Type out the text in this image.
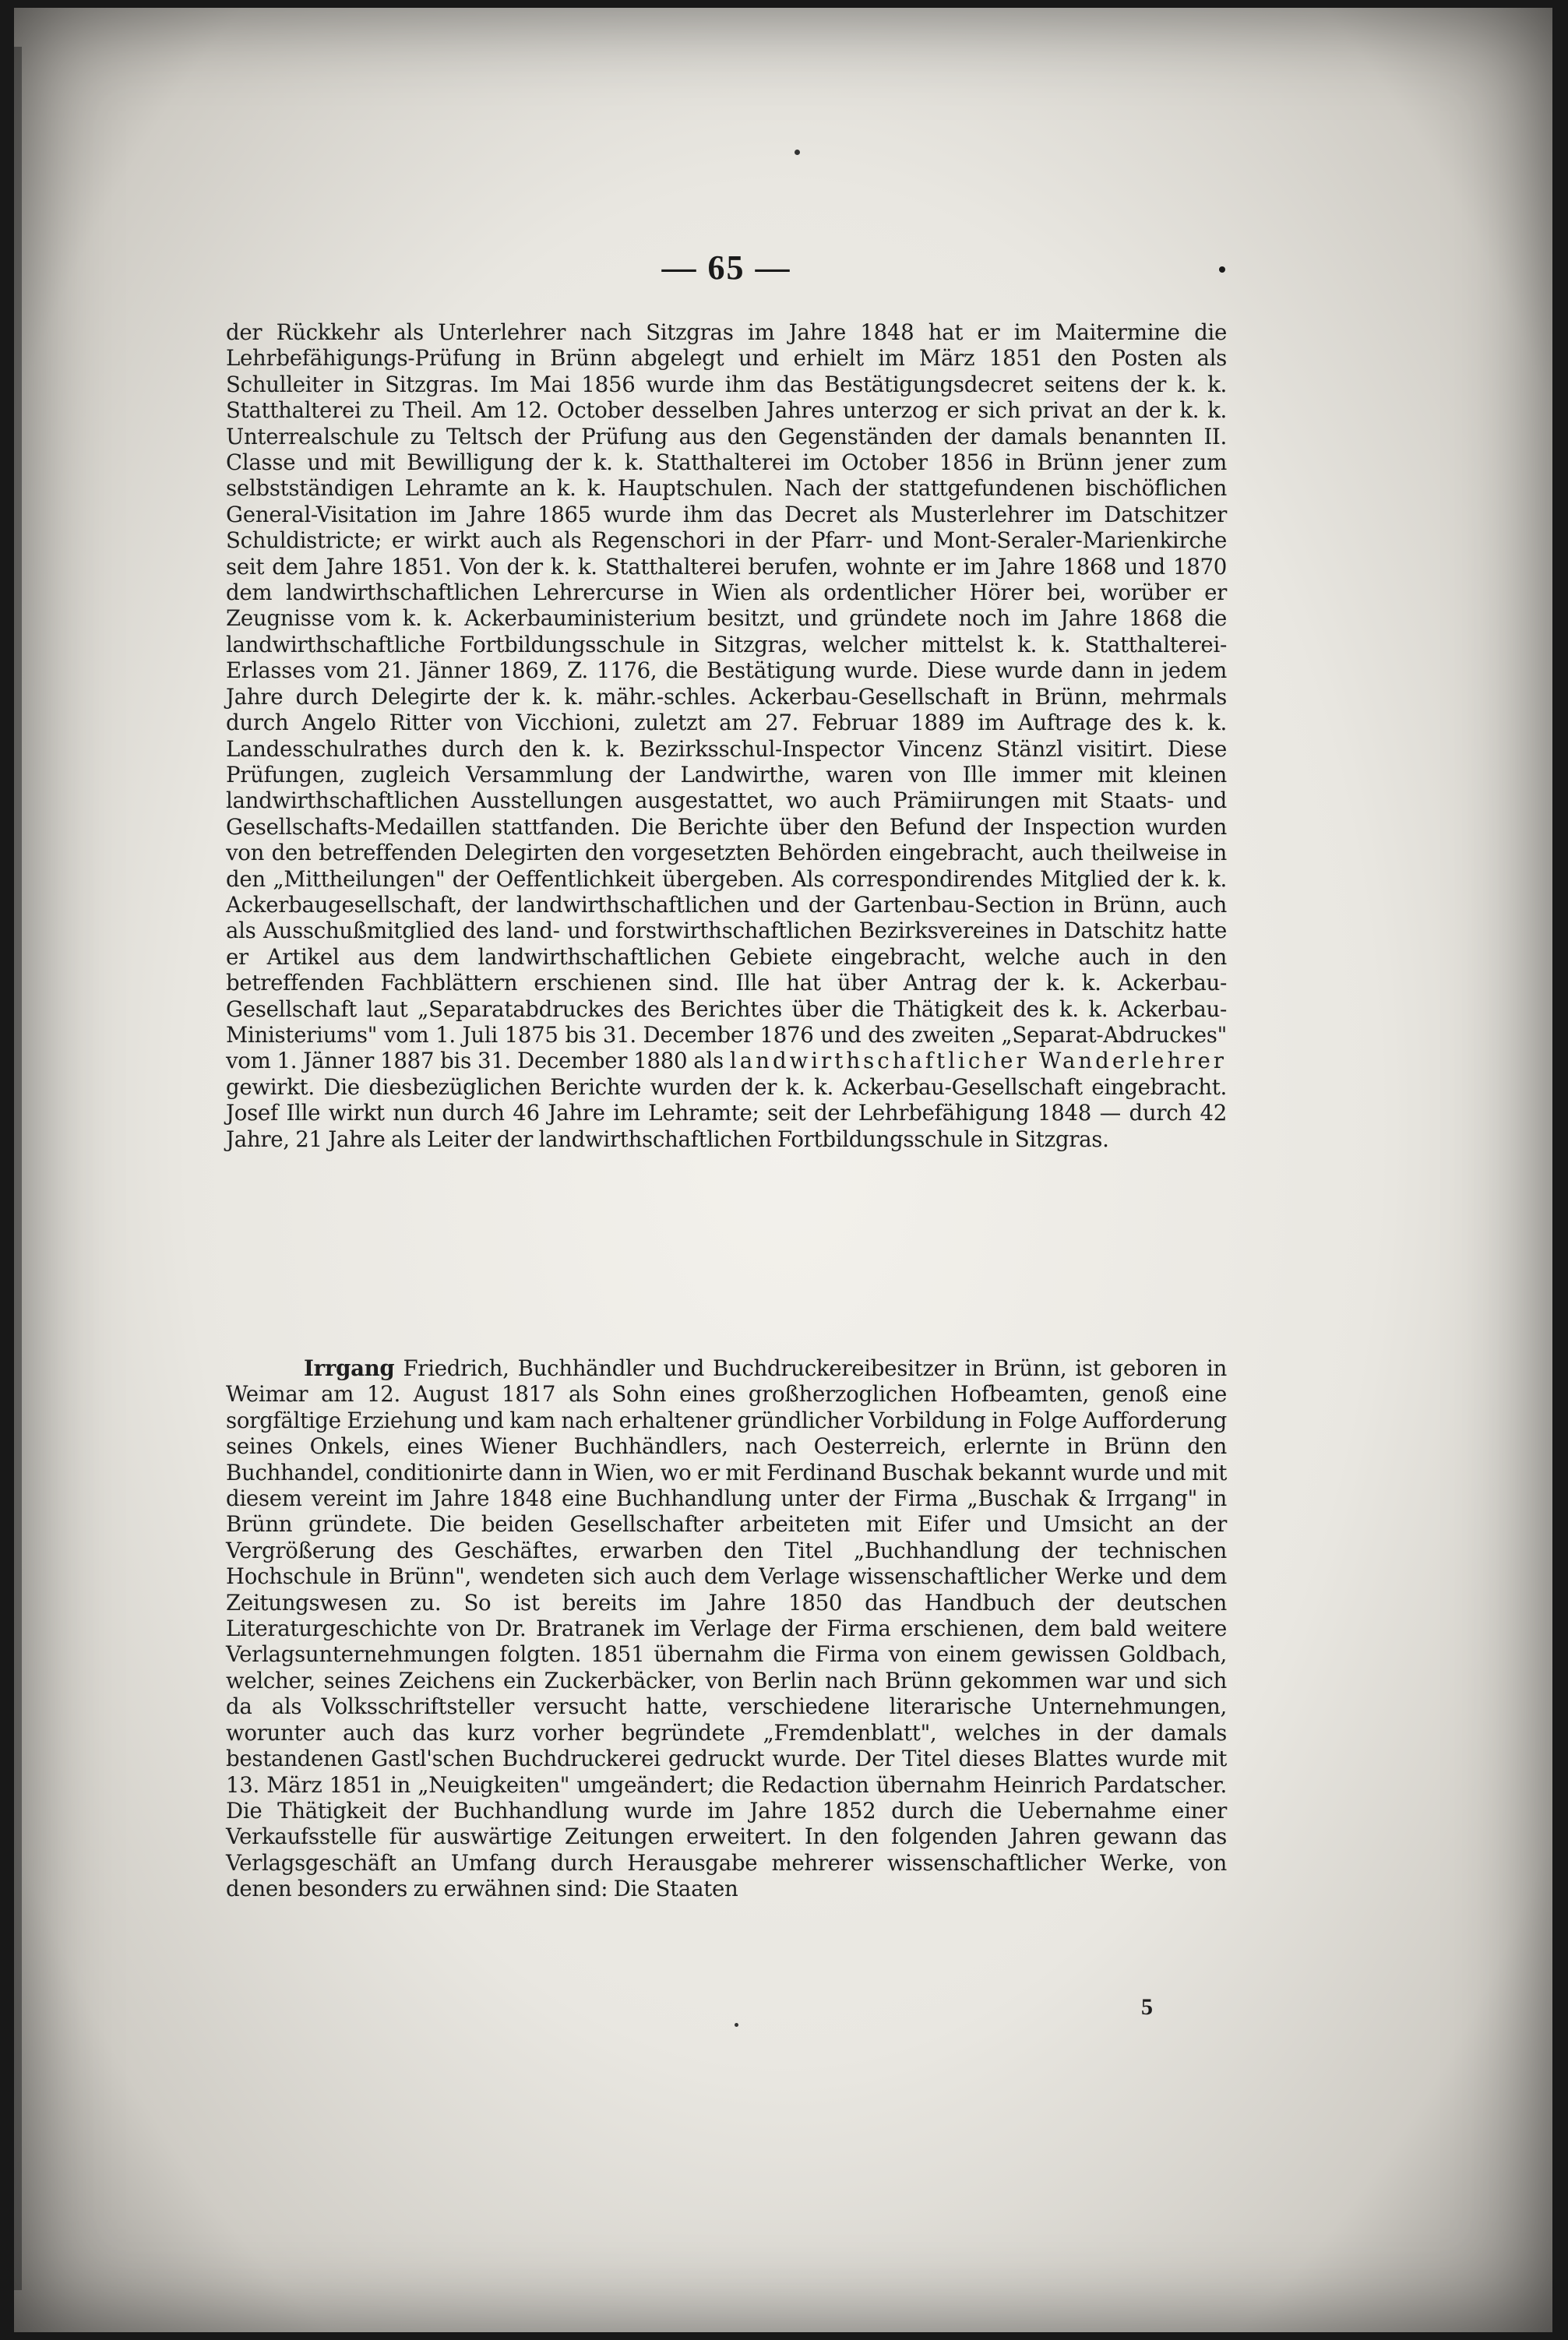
— 65 —

der Rückkehr als Unterlehrer nach Sitzgras im Jahre 1848 hat er im Maitermine die Lehrbefähigungs-Prüfung in Brünn abgelegt und erhielt im März 1851 den Posten als Schulleiter in Sitzgras. Im Mai 1856 wurde ihm das Bestätigungsdecret seitens der k. k. Statthalterei zu Theil. Am 12. October desselben Jahres unterzog er sich privat an der k. k. Unterrealschule zu Teltsch der Prüfung aus den Gegenständen der damals benannten II. Classe und mit Bewilligung der k. k. Statthalterei im October 1856 in Brünn jener zum selbstständigen Lehramte an k. k. Hauptschulen. Nach der stattgefundenen bischöflichen General-Visitation im Jahre 1865 wurde ihm das Decret als Musterlehrer im Datschitzer Schuldistricte; er wirkt auch als Regenschori in der Pfarr- und Mont-Seraler-Marienkirche seit dem Jahre 1851. Von der k. k. Statthalterei berufen, wohnte er im Jahre 1868 und 1870 dem landwirthschaftlichen Lehrercurse in Wien als ordentlicher Hörer bei, worüber er Zeugnisse vom k. k. Ackerbauministerium besitzt, und gründete noch im Jahre 1868 die landwirthschaftliche Fortbildungsschule in Sitzgras, welcher mittelst k. k. Statthalterei-Erlasses vom 21. Jänner 1869, Z. 1176, die Bestätigung wurde. Diese wurde dann in jedem Jahre durch Delegirte der k. k. mähr.-schles. Ackerbau-Gesellschaft in Brünn, mehrmals durch Angelo Ritter von Vicchioni, zuletzt am 27. Februar 1889 im Auftrage des k. k. Landesschulrathes durch den k. k. Bezirksschul-Inspector Vincenz Stänzl visitirt. Diese Prüfungen, zugleich Versammlung der Landwirthe, waren von Ille immer mit kleinen landwirthschaftlichen Ausstellungen ausgestattet, wo auch Prämiirungen mit Staats- und Gesellschafts-Medaillen stattfanden. Die Berichte über den Befund der Inspection wurden von den betreffenden Delegirten den vorgesetzten Behörden eingebracht, auch theilweise in den „Mittheilungen" der Oeffentlichkeit übergeben. Als correspondirendes Mitglied der k. k. Ackerbaugesellschaft, der landwirthschaftlichen und der Gartenbau-Section in Brünn, auch als Ausschußmitglied des land- und forstwirthschaftlichen Bezirksvereines in Datschitz hatte er Artikel aus dem landwirthschaftlichen Gebiete eingebracht, welche auch in den betreffenden Fachblättern erschienen sind. Ille hat über Antrag der k. k. Ackerbau-Gesellschaft laut „Separatabdruckes des Berichtes über die Thätigkeit des k. k. Ackerbau-Ministeriums" vom 1. Juli 1875 bis 31. December 1876 und des zweiten „Separat-Abdruckes" vom 1. Jänner 1887 bis 31. December 1880 als landwirthschaftlicher Wanderlehrer gewirkt. Die diesbezüglichen Berichte wurden der k. k. Ackerbau-Gesellschaft eingebracht. Josef Ille wirkt nun durch 46 Jahre im Lehramte; seit der Lehrbefähigung 1848 — durch 42 Jahre, 21 Jahre als Leiter der landwirthschaftlichen Fortbildungsschule in Sitzgras.

Irrgang Friedrich, Buchhändler und Buchdruckereibesitzer in Brünn, ist geboren in Weimar am 12. August 1817 als Sohn eines großherzoglichen Hofbeamten, genoß eine sorgfältige Erziehung und kam nach erhaltener gründlicher Vorbildung in Folge Aufforderung seines Onkels, eines Wiener Buchhändlers, nach Oesterreich, erlernte in Brünn den Buchhandel, conditionirte dann in Wien, wo er mit Ferdinand Buschak bekannt wurde und mit diesem vereint im Jahre 1848 eine Buchhandlung unter der Firma „Buschak & Irrgang" in Brünn gründete. Die beiden Gesellschafter arbeiteten mit Eifer und Umsicht an der Vergrößerung des Geschäftes, erwarben den Titel „Buchhandlung der technischen Hochschule in Brünn", wendeten sich auch dem Verlage wissenschaftlicher Werke und dem Zeitungswesen zu. So ist bereits im Jahre 1850 das Handbuch der deutschen Literaturgeschichte von Dr. Bratranek im Verlage der Firma erschienen, dem bald weitere Verlagsunternehmungen folgten. 1851 übernahm die Firma von einem gewissen Goldbach, welcher, seines Zeichens ein Zuckerbäcker, von Berlin nach Brünn gekommen war und sich da als Volksschriftsteller versucht hatte, verschiedene literarische Unternehmungen, worunter auch das kurz vorher begründete „Fremdenblatt", welches in der damals bestandenen Gastl'schen Buchdruckerei gedruckt wurde. Der Titel dieses Blattes wurde mit 13. März 1851 in „Neuigkeiten" umgeändert; die Redaction übernahm Heinrich Pardatscher. Die Thätigkeit der Buchhandlung wurde im Jahre 1852 durch die Uebernahme einer Verkaufsstelle für auswärtige Zeitungen erweitert. In den folgenden Jahren gewann das Verlagsgeschäft an Umfang durch Herausgabe mehrerer wissenschaftlicher Werke, von denen besonders zu erwähnen sind: Die Staaten

5
